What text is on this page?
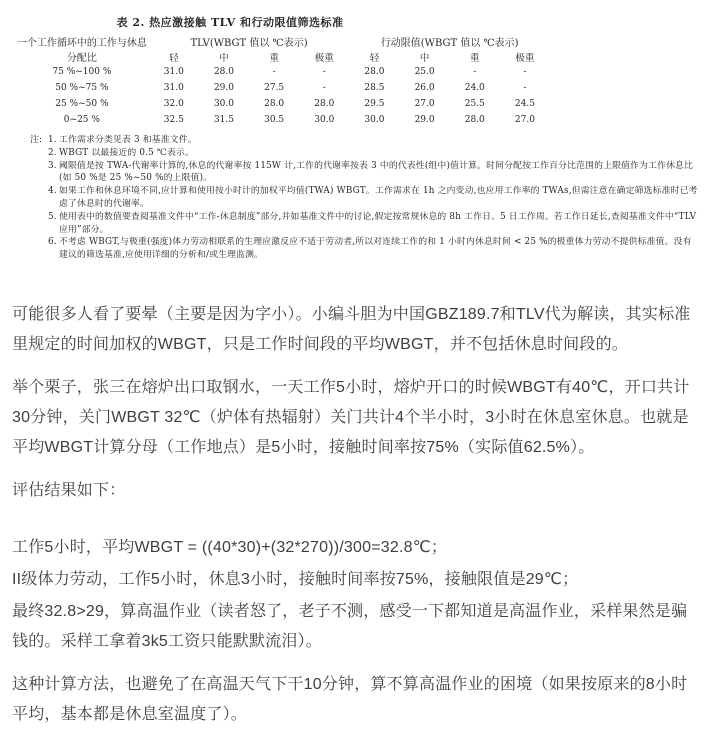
表 2. 热应激接触 TLV 和行动限值筛选标准
一个工作循环中的工作与休息分配比	TLV(WBGT 值以 ℃表示)				行动限值(WBGT 值以 ℃表示)			
	轻	中	重	极重	轻	中	重	极重
75 %~100 %	31.0	28.0	-	-	28.0	25.0	-	-
50 %~75 %	31.0	29.0	27.5	-	28.5	26.0	24.0	-
25 %~50 %	32.0	30.0	28.0	28.0	29.5	27.0	25.5	24.5
0~25 %	32.5	31.5	30.5	30.0	30.0	29.0	28.0	27.0
注: 1. 工作需求分类见表 3 和基准文件。
2. WBGT 以最接近的 0.5 ℃表示。
3. 阈限值是按 TWA-代谢率计算的,休息的代谢率按 115W 计,工作的代谢率按表 3 中的代表性(组中)值计算。时间分配按工作百分比范围的上限值作为工作休息比(如 50 %是 25 %~50 %的上限值)。
4. 如果工作和休息环境不同,应计算和使用按小时计的加权平均值(TWA) WBGT。工作需求在 1h 之内变动,也应用工作率的 TWAs,但需注意在确定筛选标准时已考虑了休息时的代谢率。
5. 使用表中的数值要查阅基准文件中“工作-休息制度”部分,并如基准文件中的讨论,假定按常规休息的 8h 工作日、5 日工作周。若工作日延长,查阅基准文件中“TLV 应用”部分。
6. 不考虑 WBGT,与极重(强度)体力劳动相联系的生理应激反应不适于劳动者,所以对连续工作的和 1 小时内休息时间 < 25 %的极重体力劳动不提供标准值。没有建议的筛选基准,应使用详细的分析和/或生理监测。

可能很多人看了要晕（主要是因为字小）。小编斗胆为中国GBZ189.7和TLV代为解读，其实标准里规定的时间加权的WBGT，只是工作时间段的平均WBGT，并不包括休息时间段的。

举个栗子，张三在熔炉出口取钢水，一天工作5小时，熔炉开口的时候WBGT有40℃，开口共计30分钟，关门WBGT 32℃（炉体有热辐射）关门共计4个半小时，3小时在休息室休息。也就是平均WBGT计算分母（工作地点）是5小时，接触时间率按75%（实际值62.5%）。

评估结果如下：

工作5小时，平均WBGT = ((40*30)+(32*270))/300=32.8℃；

II级体力劳动，工作5小时，休息3小时，接触时间率按75%，接触限值是29℃；

最终32.8>29，算高温作业（读者怒了，老子不测，感受一下都知道是高温作业，采样果然是骗钱的。采样工拿着3k5工资只能默默流泪）。

这种计算方法，也避免了在高温天气下干10分钟，算不算高温作业的困境（如果按原来的8小时平均，基本都是休息室温度了）。
